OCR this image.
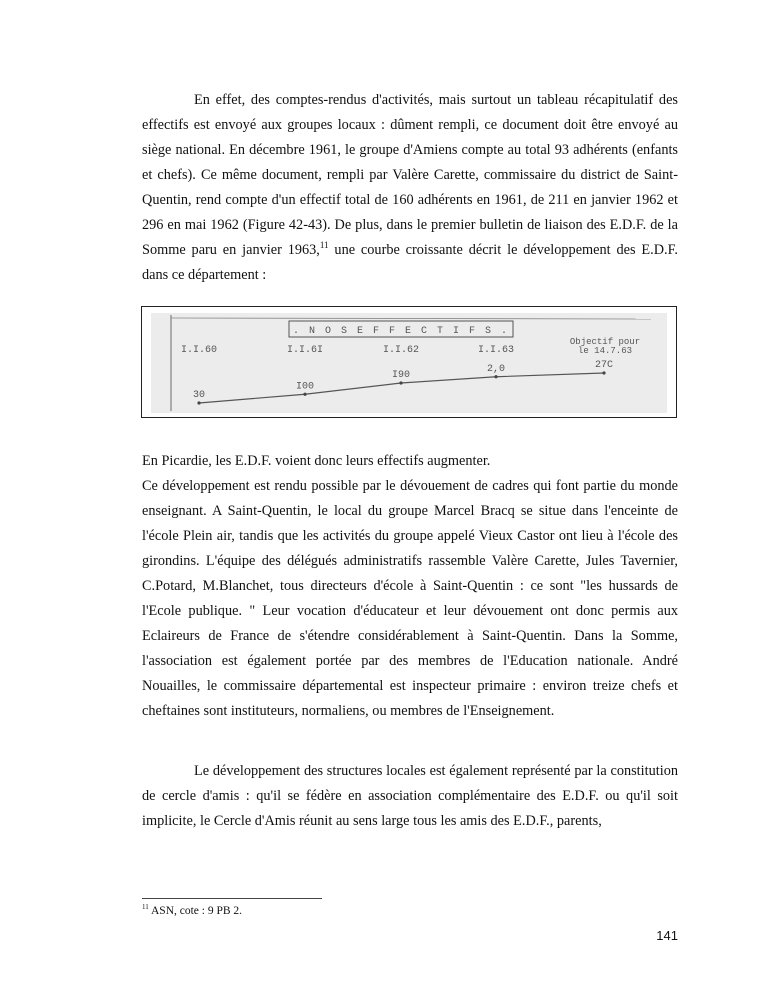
En effet, des comptes-rendus d'activités, mais surtout un tableau récapitulatif des effectifs est envoyé aux groupes locaux : dûment rempli, ce document doit être envoyé au siège national. En décembre 1961, le groupe d'Amiens compte au total 93 adhérents (enfants et chefs). Ce même document, rempli par Valère Carette, commissaire du district de Saint-Quentin, rend compte d'un effectif total de 160 adhérents en 1961, de 211 en janvier 1962 et 296 en mai 1962 (Figure 42-43). De plus, dans le premier bulletin de liaison des E.D.F. de la Somme paru en janvier 1963,11 une courbe croissante décrit le développement des E.D.F. dans ce département :

. N O S E F F E C T I F S .
Objectif pour
le 14.7.63
I.I.60	I.I.6I	I.I.62	I.I.63
30
I00
I90
2,0	27C

En Picardie, les E.D.F. voient donc leurs effectifs augmenter.

Ce développement est rendu possible par le dévouement de cadres qui font partie du monde enseignant. A Saint-Quentin, le local du groupe Marcel Bracq se situe dans l'enceinte de l'école Plein air, tandis que les activités du groupe appelé Vieux Castor ont lieu à l'école des girondins. L'équipe des délégués administratifs rassemble Valère Carette, Jules Tavernier, C.Potard, M.Blanchet, tous directeurs d'école à Saint-Quentin : ce sont "les hussards de l'Ecole publique. " Leur vocation d'éducateur et leur dévouement ont donc permis aux Eclaireurs de France de s'étendre considérablement à Saint-Quentin. Dans la Somme, l'association est également portée par des membres de l'Education nationale. André Nouailles, le commissaire départemental est inspecteur primaire : environ treize chefs et cheftaines sont instituteurs, normaliens, ou membres de l'Enseignement.

Le développement des structures locales est également représenté par la constitution de cercle d'amis : qu'il se fédère en association complémentaire des E.D.F. ou qu'il soit implicite, le Cercle d'Amis réunit au sens large tous les amis des E.D.F., parents,

$^{11}$ ASN, cote : 9 PB 2.
141
